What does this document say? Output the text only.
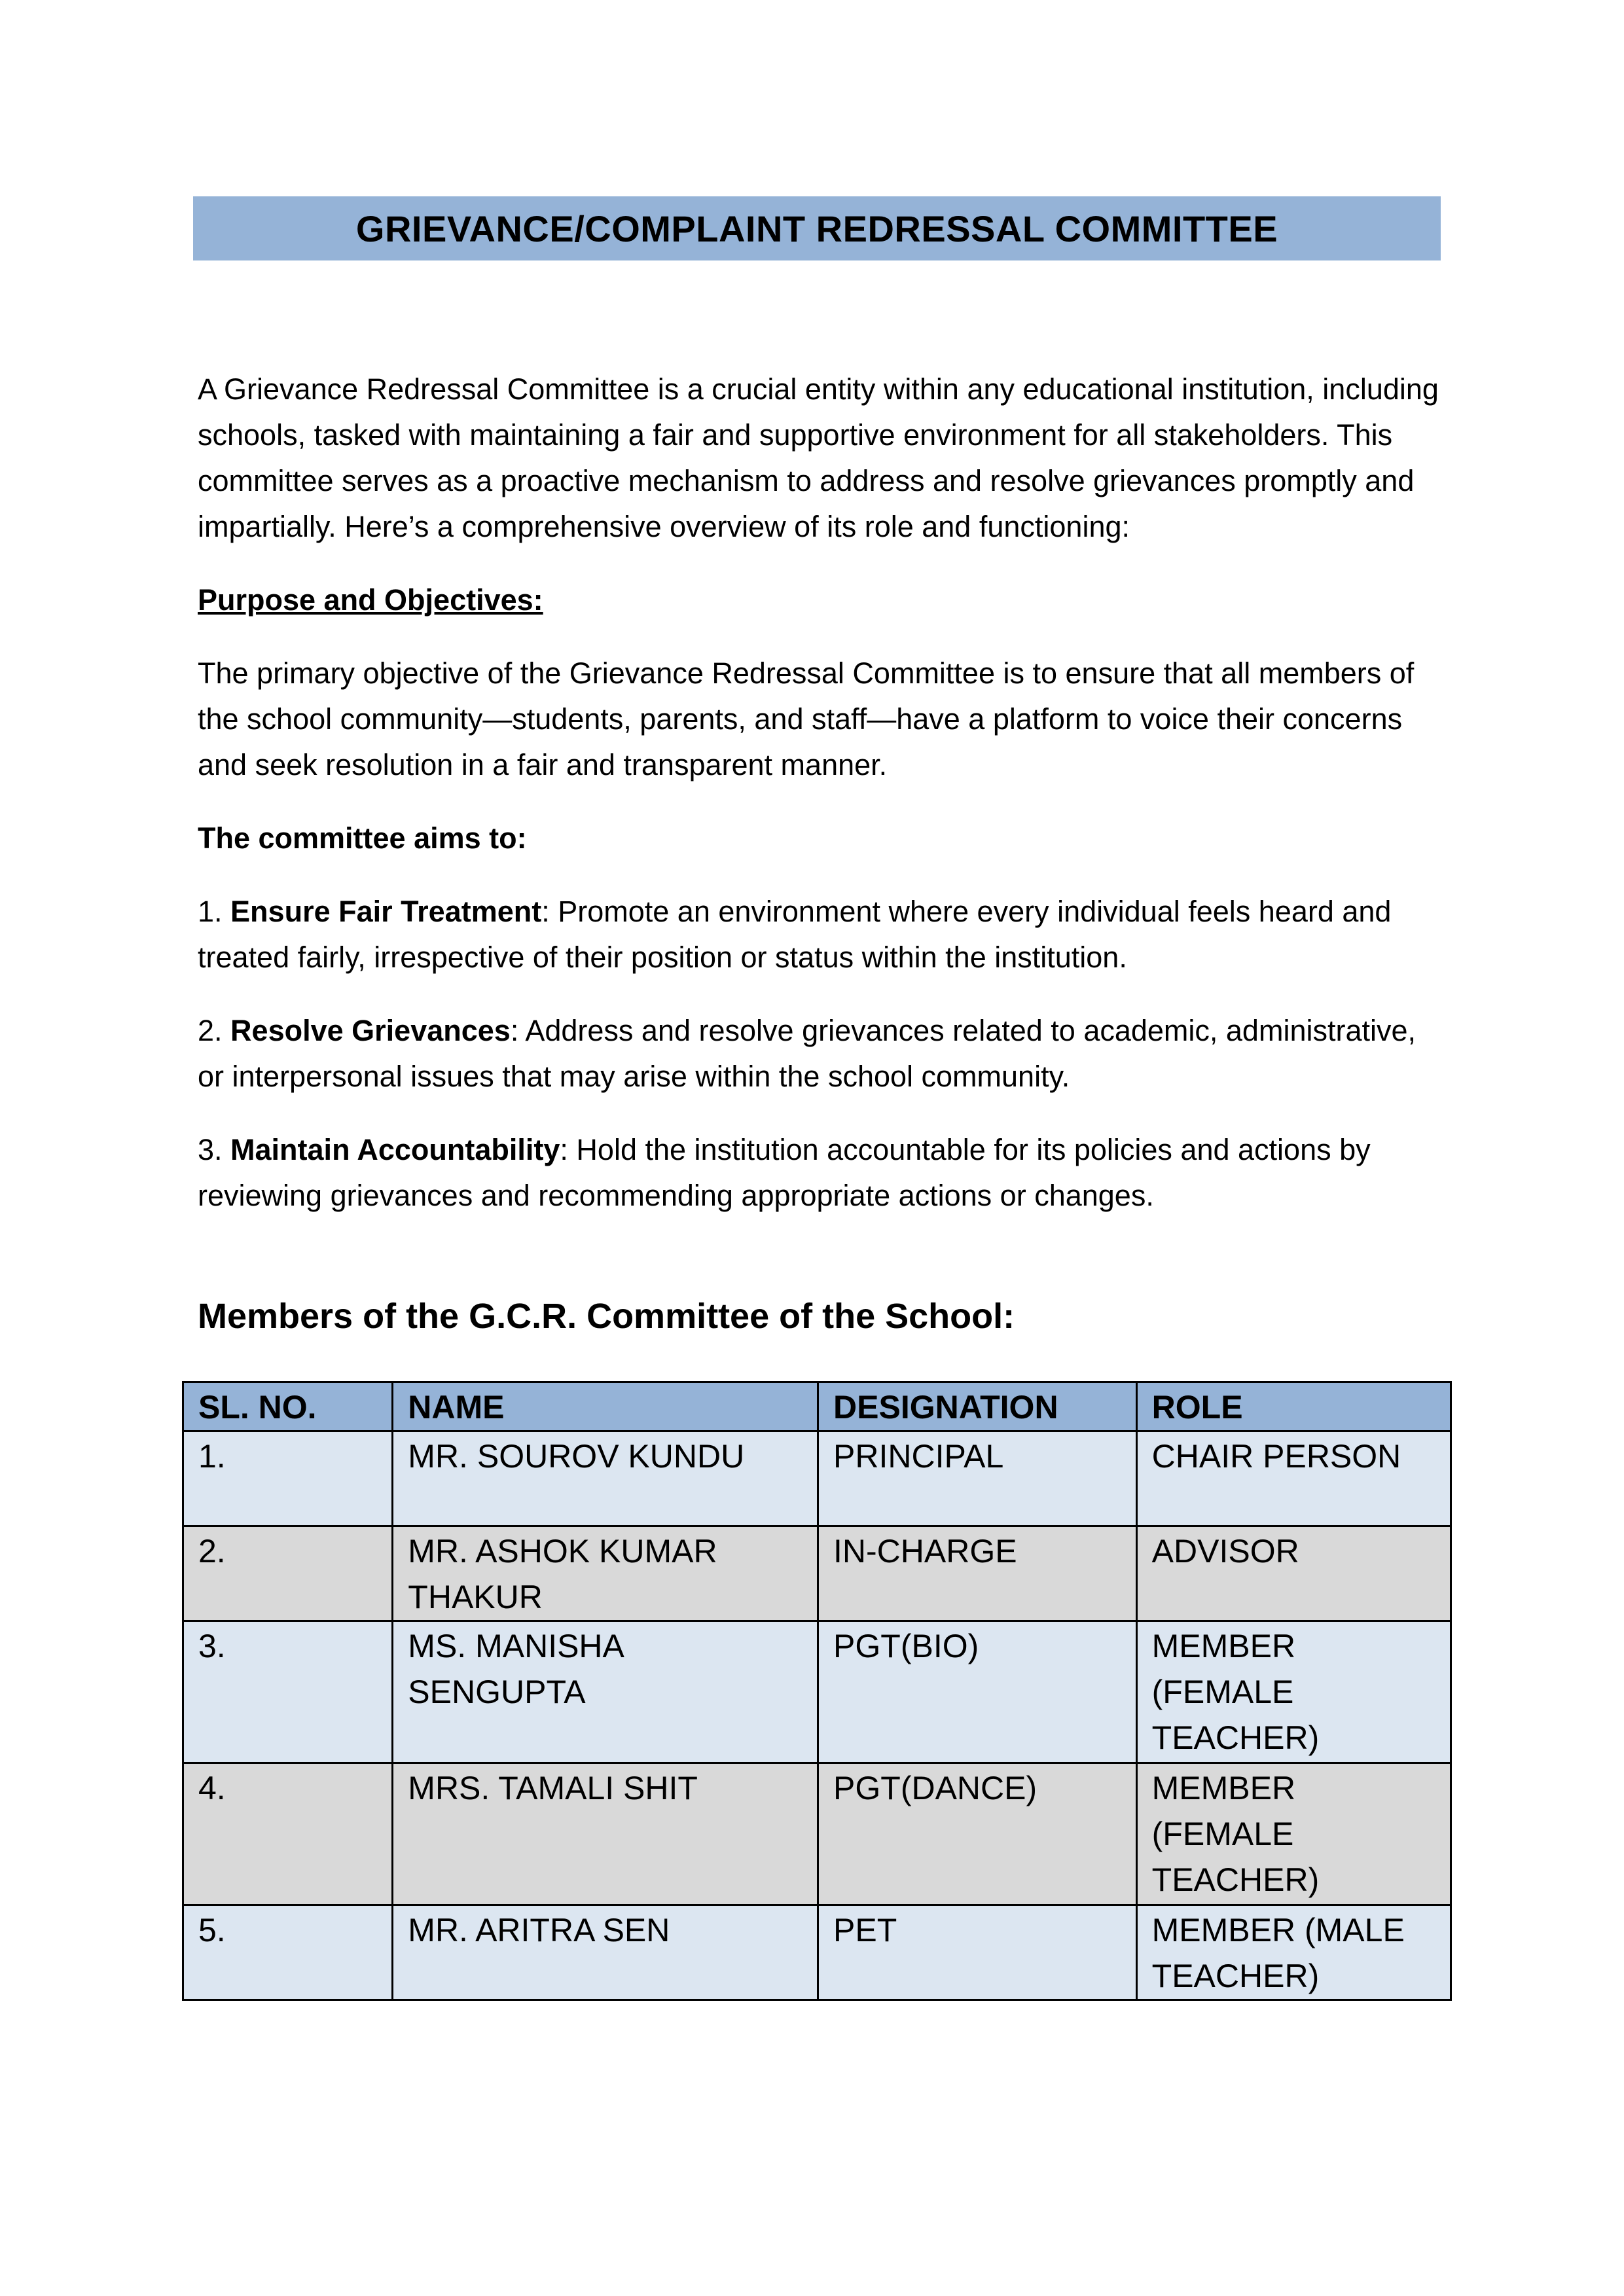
GRIEVANCE/COMPLAINT REDRESSAL COMMITTEE

A Grievance Redressal Committee is a crucial entity within any educational institution, including schools, tasked with maintaining a fair and supportive environment for all stakeholders. This committee serves as a proactive mechanism to address and resolve grievances promptly and impartially. Here’s a comprehensive overview of its role and functioning:

Purpose and Objectives:

The primary objective of the Grievance Redressal Committee is to ensure that all members of the school community—students, parents, and staff—have a platform to voice their concerns and seek resolution in a fair and transparent manner.

The committee aims to:

1. Ensure Fair Treatment: Promote an environment where every individual feels heard and treated fairly, irrespective of their position or status within the institution.

2. Resolve Grievances: Address and resolve grievances related to academic, administrative, or interpersonal issues that may arise within the school community.

3. Maintain Accountability: Hold the institution accountable for its policies and actions by reviewing grievances and recommending appropriate actions or changes.

Members of the G.C.R. Committee of the School:
SL. NO.	NAME	DESIGNATION	ROLE
1.	MR. SOUROV KUNDU	PRINCIPAL	CHAIR PERSON
2.	MR. ASHOK KUMAR THAKUR	IN-CHARGE	ADVISOR
3.	MS. MANISHA SENGUPTA	PGT(BIO)	MEMBER (FEMALE TEACHER)
4.	MRS. TAMALI SHIT	PGT(DANCE)	MEMBER (FEMALE TEACHER)
5.	MR. ARITRA SEN	PET	MEMBER (MALE TEACHER)
